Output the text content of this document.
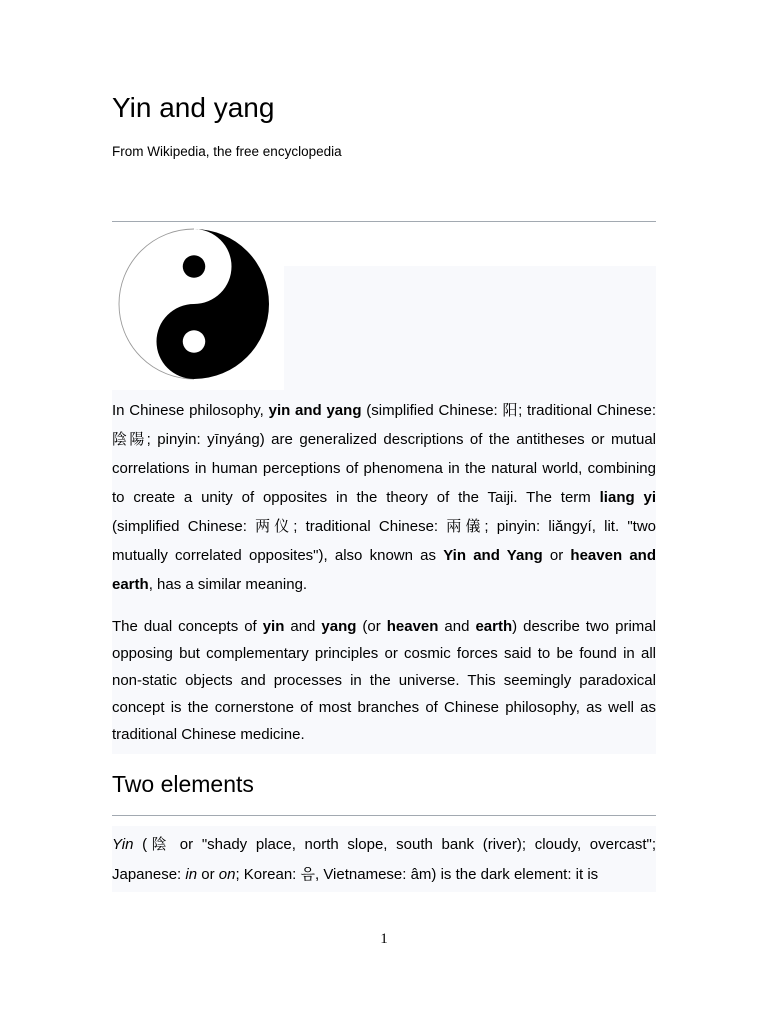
Yin and yang
From Wikipedia, the free encyclopedia

In Chinese philosophy, yin and yang (simplified Chinese: 阳; traditional Chinese: 陰陽; pinyin: yīnyáng) are generalized descriptions of the antitheses or mutual correlations in human perceptions of phenomena in the natural world, combining to create a unity of opposites in the theory of the Taiji. The term liang yi (simplified Chinese: 两仪; traditional Chinese: 兩儀; pinyin: liǎngyí, lit. "two mutually correlated opposites"), also known as Yin and Yang or heaven and earth, has a similar meaning.

The dual concepts of yin and yang (or heaven and earth) describe two primal opposing but complementary principles or cosmic forces said to be found in all non-static objects and processes in the universe. This seemingly paradoxical concept is the cornerstone of most branches of Chinese philosophy, as well as traditional Chinese medicine.

Two elements

Yin (陰 or "shady place, north slope, south bank (river); cloudy, overcast"; Japanese: in or on; Korean: 음, Vietnamese: âm) is the dark element: it is

1
